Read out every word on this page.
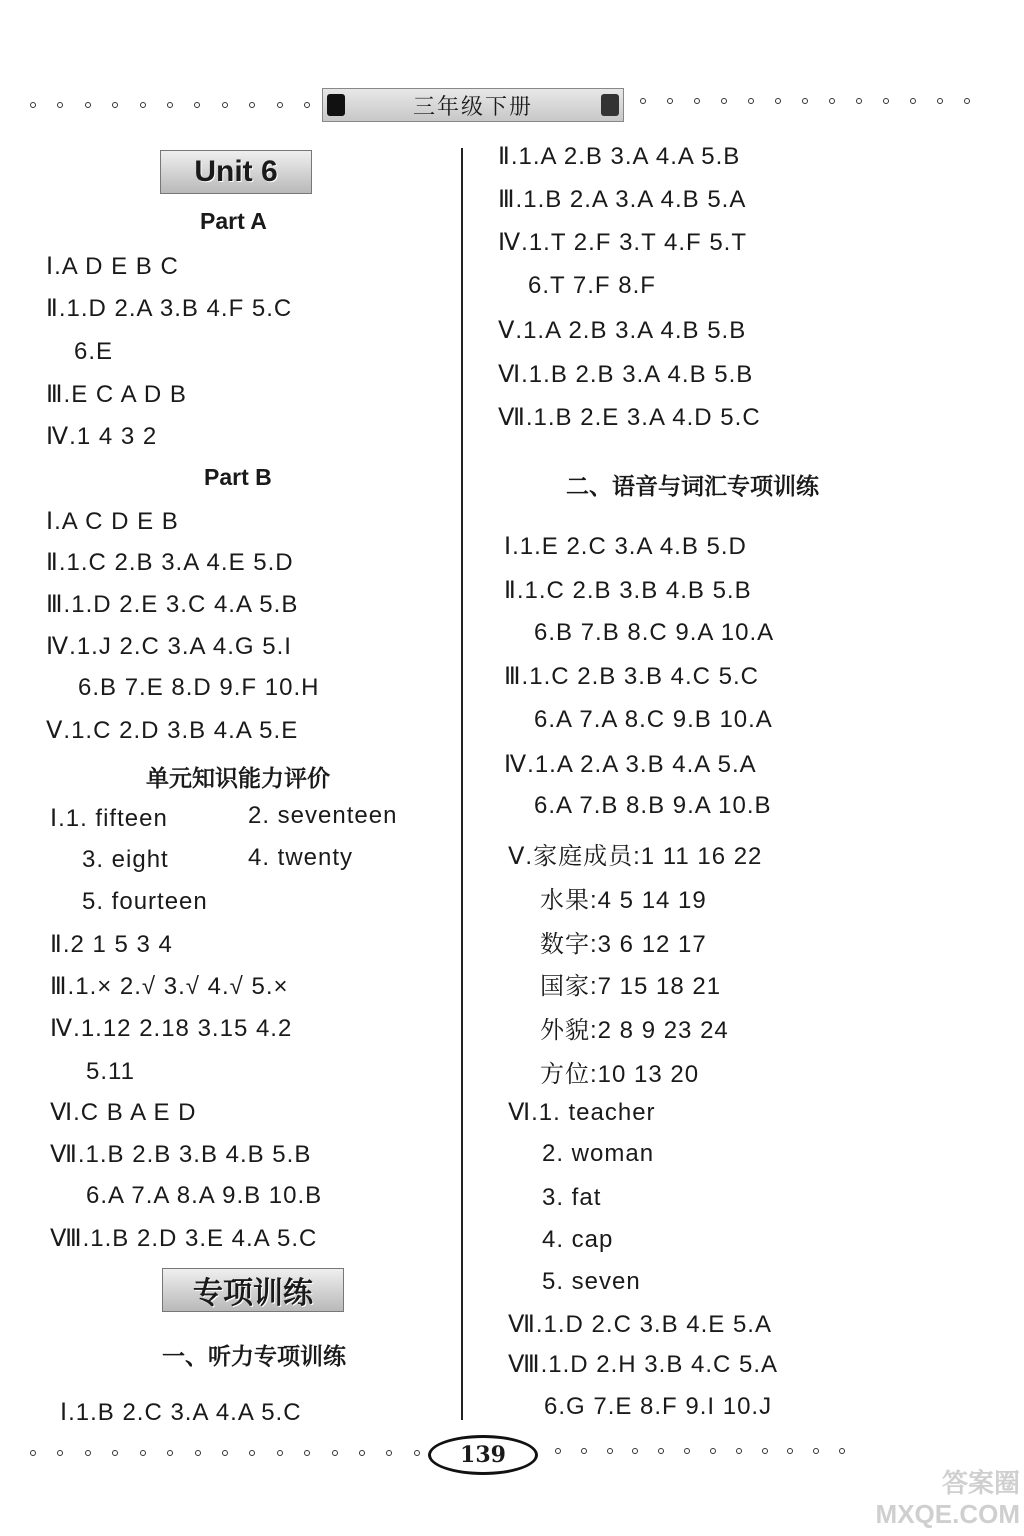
三年级下册
Unit 6
Part A
Ⅰ.A D E B C
Ⅱ.1.D 2.A 3.B 4.F 5.C
6.E
Ⅲ.E C A D B
Ⅳ.1 4 3 2
Part B
Ⅰ.A C D E B
Ⅱ.1.C 2.B 3.A 4.E 5.D
Ⅲ.1.D 2.E 3.C 4.A 5.B
Ⅳ.1.J 2.C 3.A 4.G 5.I
6.B 7.E 8.D 9.F 10.H
Ⅴ.1.C 2.D 3.B 4.A 5.E
单元知识能力评价
Ⅰ.1. fifteen	2. seventeen
3. eight	4. twenty
5. fourteen
Ⅱ.2 1 5 3 4
Ⅲ.1.× 2.√ 3.√ 4.√ 5.×
Ⅳ.1.12 2.18 3.15 4.2
5.11
Ⅵ.C B A E D
Ⅶ.1.B 2.B 3.B 4.B 5.B
6.A 7.A 8.A 9.B 10.B
Ⅷ.1.B 2.D 3.E 4.A 5.C
专项训练
一、听力专项训练
Ⅰ.1.B 2.C 3.A 4.A 5.C
Ⅱ.1.A 2.B 3.A 4.A 5.B
Ⅲ.1.B 2.A 3.A 4.B 5.A
Ⅳ.1.T 2.F 3.T 4.F 5.T
6.T 7.F 8.F
Ⅴ.1.A 2.B 3.A 4.B 5.B
Ⅵ.1.B 2.B 3.A 4.B 5.B
Ⅶ.1.B 2.E 3.A 4.D 5.C
二、语音与词汇专项训练
Ⅰ.1.E 2.C 3.A 4.B 5.D
Ⅱ.1.C 2.B 3.B 4.B 5.B
6.B 7.B 8.C 9.A 10.A
Ⅲ.1.C 2.B 3.B 4.C 5.C
6.A 7.A 8.C 9.B 10.A
Ⅳ.1.A 2.A 3.B 4.A 5.A
6.A 7.B 8.B 9.A 10.B
Ⅴ.家庭成员:1 11 16 22
水果:4 5 14 19
数字:3 6 12 17
国家:7 15 18 21
外貌:2 8 9 23 24
方位:10 13 20
Ⅵ.1. teacher
2. woman
3. fat
4. cap
5. seven
Ⅶ.1.D 2.C 3.B 4.E 5.A
Ⅷ.1.D 2.H 3.B 4.C 5.A
6.G 7.E 8.F 9.I 10.J
139
答案圈
MXQE.COM
